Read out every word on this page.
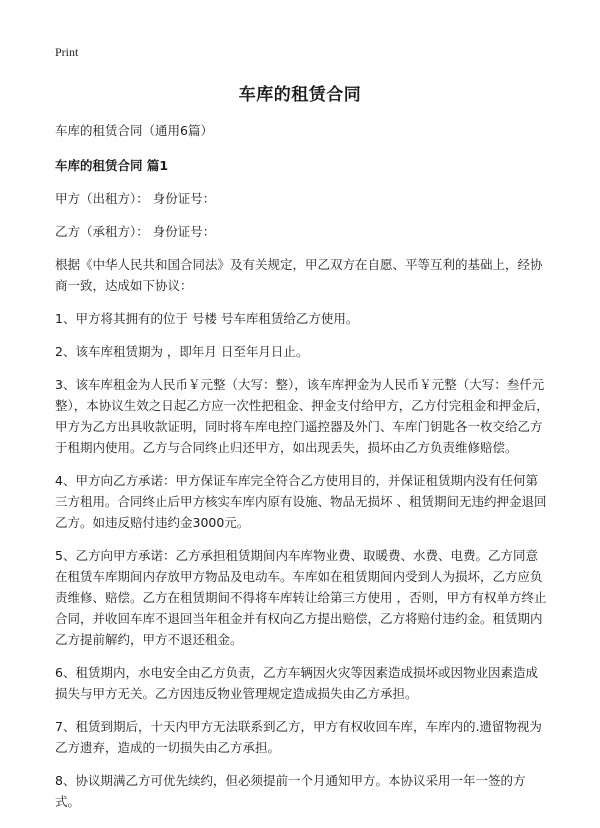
Print
车库的租赁合同

车库的租赁合同（通用6篇）

车库的租赁合同 篇1

甲方（出租方）： 身份证号：

乙方（承租方）： 身份证号：

根据《中华人民共和国合同法》及有关规定，甲乙双方在自愿、平等互利的基础上，经协商一致，达成如下协议：

1、甲方将其拥有的位于 号楼 号车库租赁给乙方使用。

2、该车库租赁期为 ，即年月 日至年月日止。

3、该车库租金为人民币￥元整（大写：整），该车库押金为人民币￥元整（大写：叁仟元整），本协议生效之日起乙方应一次性把租金、押金支付给甲方，乙方付完租金和押金后，甲方为乙方出具收款证明，同时将车库电控门遥控器及外门、车库门钥匙各一枚交给乙方于租期内使用。乙方与合同终止归还甲方，如出现丢失，损坏由乙方负责维修赔偿。

4、甲方向乙方承诺：甲方保证车库完全符合乙方使用目的，并保证租赁期内没有任何第三方租用。合同终止后甲方核实车库内原有设施、物品无损坏 、租赁期间无违约押金退回乙方。如违反赔付违约金3000元。

5、乙方向甲方承诺：乙方承担租赁期间内车库物业费、取暖费、水费、电费。乙方同意在租赁车库期间内存放甲方物品及电动车。车库如在租赁期间内受到人为损坏，乙方应负责维修、赔偿。乙方在租赁期间不得将车库转让给第三方使用 ，否则，甲方有权单方终止合同，并收回车库不退回当年租金并有权向乙方提出赔偿，乙方将赔付违约金。租赁期内乙方提前解约，甲方不退还租金。

6、租赁期内，水电安全由乙方负责，乙方车辆因火灾等因素造成损坏或因物业因素造成损失与甲方无关。乙方因违反物业管理规定造成损失由乙方承担。

7、租赁到期后，十天内甲方无法联系到乙方，甲方有权收回车库，车库内的.遗留物视为乙方遗弃，造成的一切损失由乙方承担。

8、协议期满乙方可优先续约，但必须提前一个月通知甲方。本协议采用一年一签的方式。
